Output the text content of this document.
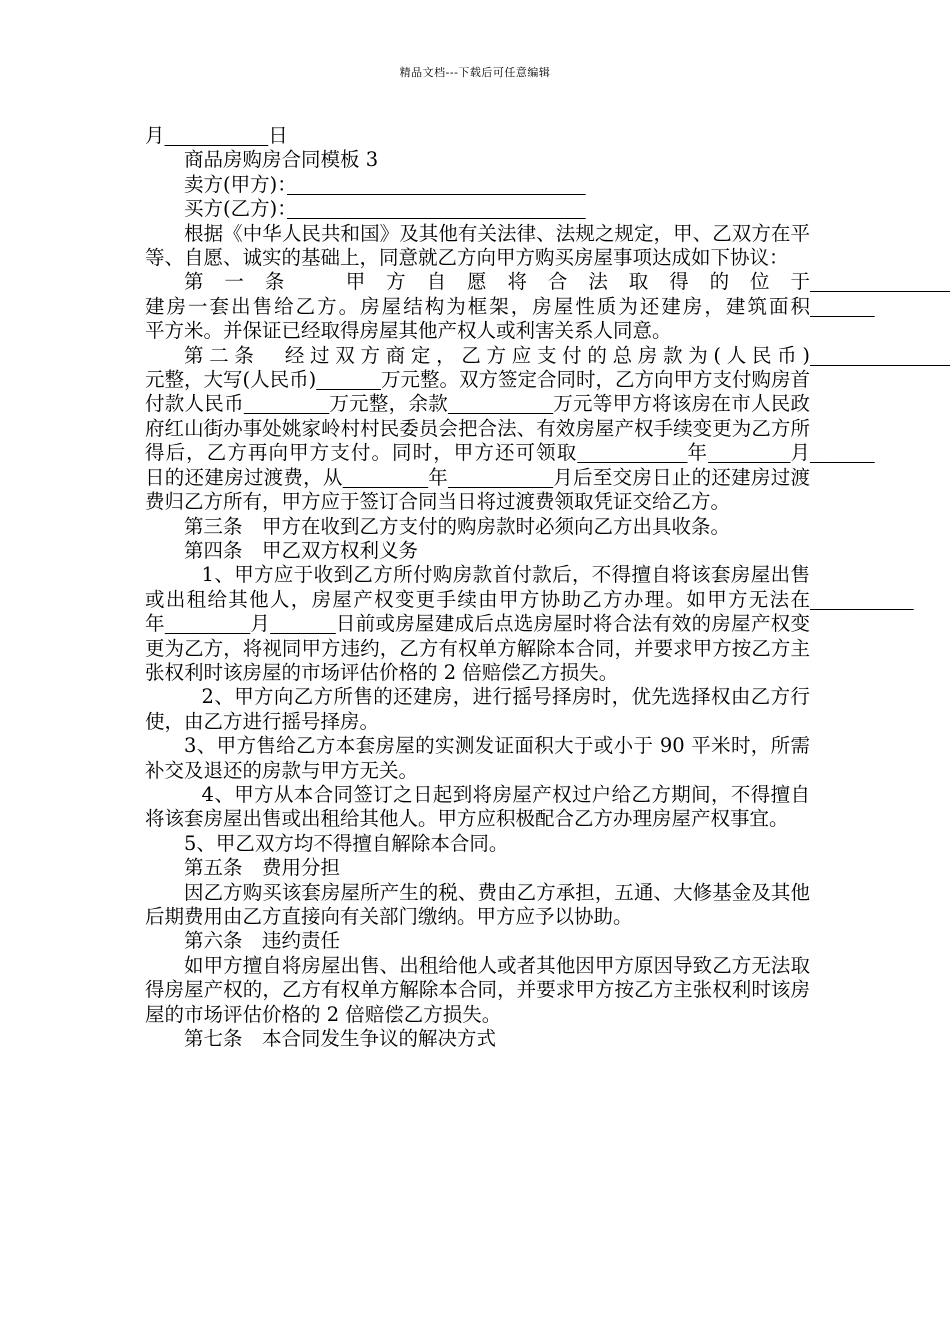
精品文档---下载后可任意编辑

月　　　　　	日

商品房购房合同模板 3

卖方(甲方)：　　　　　　　　　　　　　　　

买方(乙方)：　　　　　　　　　　　　　　　

根据《中华人民共和国》及其他有关法律、法规之规定，甲、乙双方在平等、自愿、诚实的基础上，同意就乙方向甲方购买房屋事项达成如下协议：

第一条　甲方自愿将合法取得的位于　　　　　　　　　　　　　　　　　　　 建房一套出售给乙方。房屋结构为框架，房屋性质为还建房，建筑面积　　　 平方米。并保证已经取得房屋其他产权人或利害关系人同意。

第二条　经过双方商定，乙方应支付的总房款为(人民币)　　　　　　　　 元整，大写(人民币)　　　	万元整。双方签定合同时，乙方向甲方支付购房首付款人民币　　　　	万元整，余款　　　　　	万元等甲方将该房在市人民政府红山街办事处姚家岭村村民委员会把合法、有效房屋产权手续变更为乙方所得后，乙方再向甲方支付。同时，甲方还可领取　　　　　	年　　　　	月　　　 日的还建房过渡费，从　　　　	年　　　　　	月后至交房日止的还建房过渡费归乙方所有，甲方应于签订合同当日将过渡费领取凭证交给乙方。

第三条　甲方在收到乙方支付的购房款时必须向乙方出具收条。

第四条　甲乙双方权利义务

1、甲方应于收到乙方所付购房款首付款后，不得擅自将该套房屋出售或出租给其他人，房屋产权变更手续由甲方协助乙方办理。如甲方无法在　　　　　 年　　　　	月　　　	日前或房屋建成后点选房屋时将合法有效的房屋产权变更为乙方，将视同甲方违约，乙方有权单方解除本合同，并要求甲方按乙方主张权利时该房屋的市场评估价格的 2 倍赔偿乙方损失。

2、甲方向乙方所售的还建房，进行摇号择房时，优先选择权由乙方行使，由乙方进行摇号择房。

3、甲方售给乙方本套房屋的实测发证面积大于或小于 90 平米时，所需补交及退还的房款与甲方无关。

4、甲方从本合同签订之日起到将房屋产权过户给乙方期间，不得擅自将该套房屋出售或出租给其他人。甲方应积极配合乙方办理房屋产权事宜。

5、甲乙双方均不得擅自解除本合同。

第五条　费用分担

因乙方购买该套房屋所产生的税、费由乙方承担，五通、大修基金及其他后期费用由乙方直接向有关部门缴纳。甲方应予以协助。

第六条　违约责任

如甲方擅自将房屋出售、出租给他人或者其他因甲方原因导致乙方无法取得房屋产权的，乙方有权单方解除本合同，并要求甲方按乙方主张权利时该房屋的市场评估价格的 2 倍赔偿乙方损失。

第七条　本合同发生争议的解决方式
